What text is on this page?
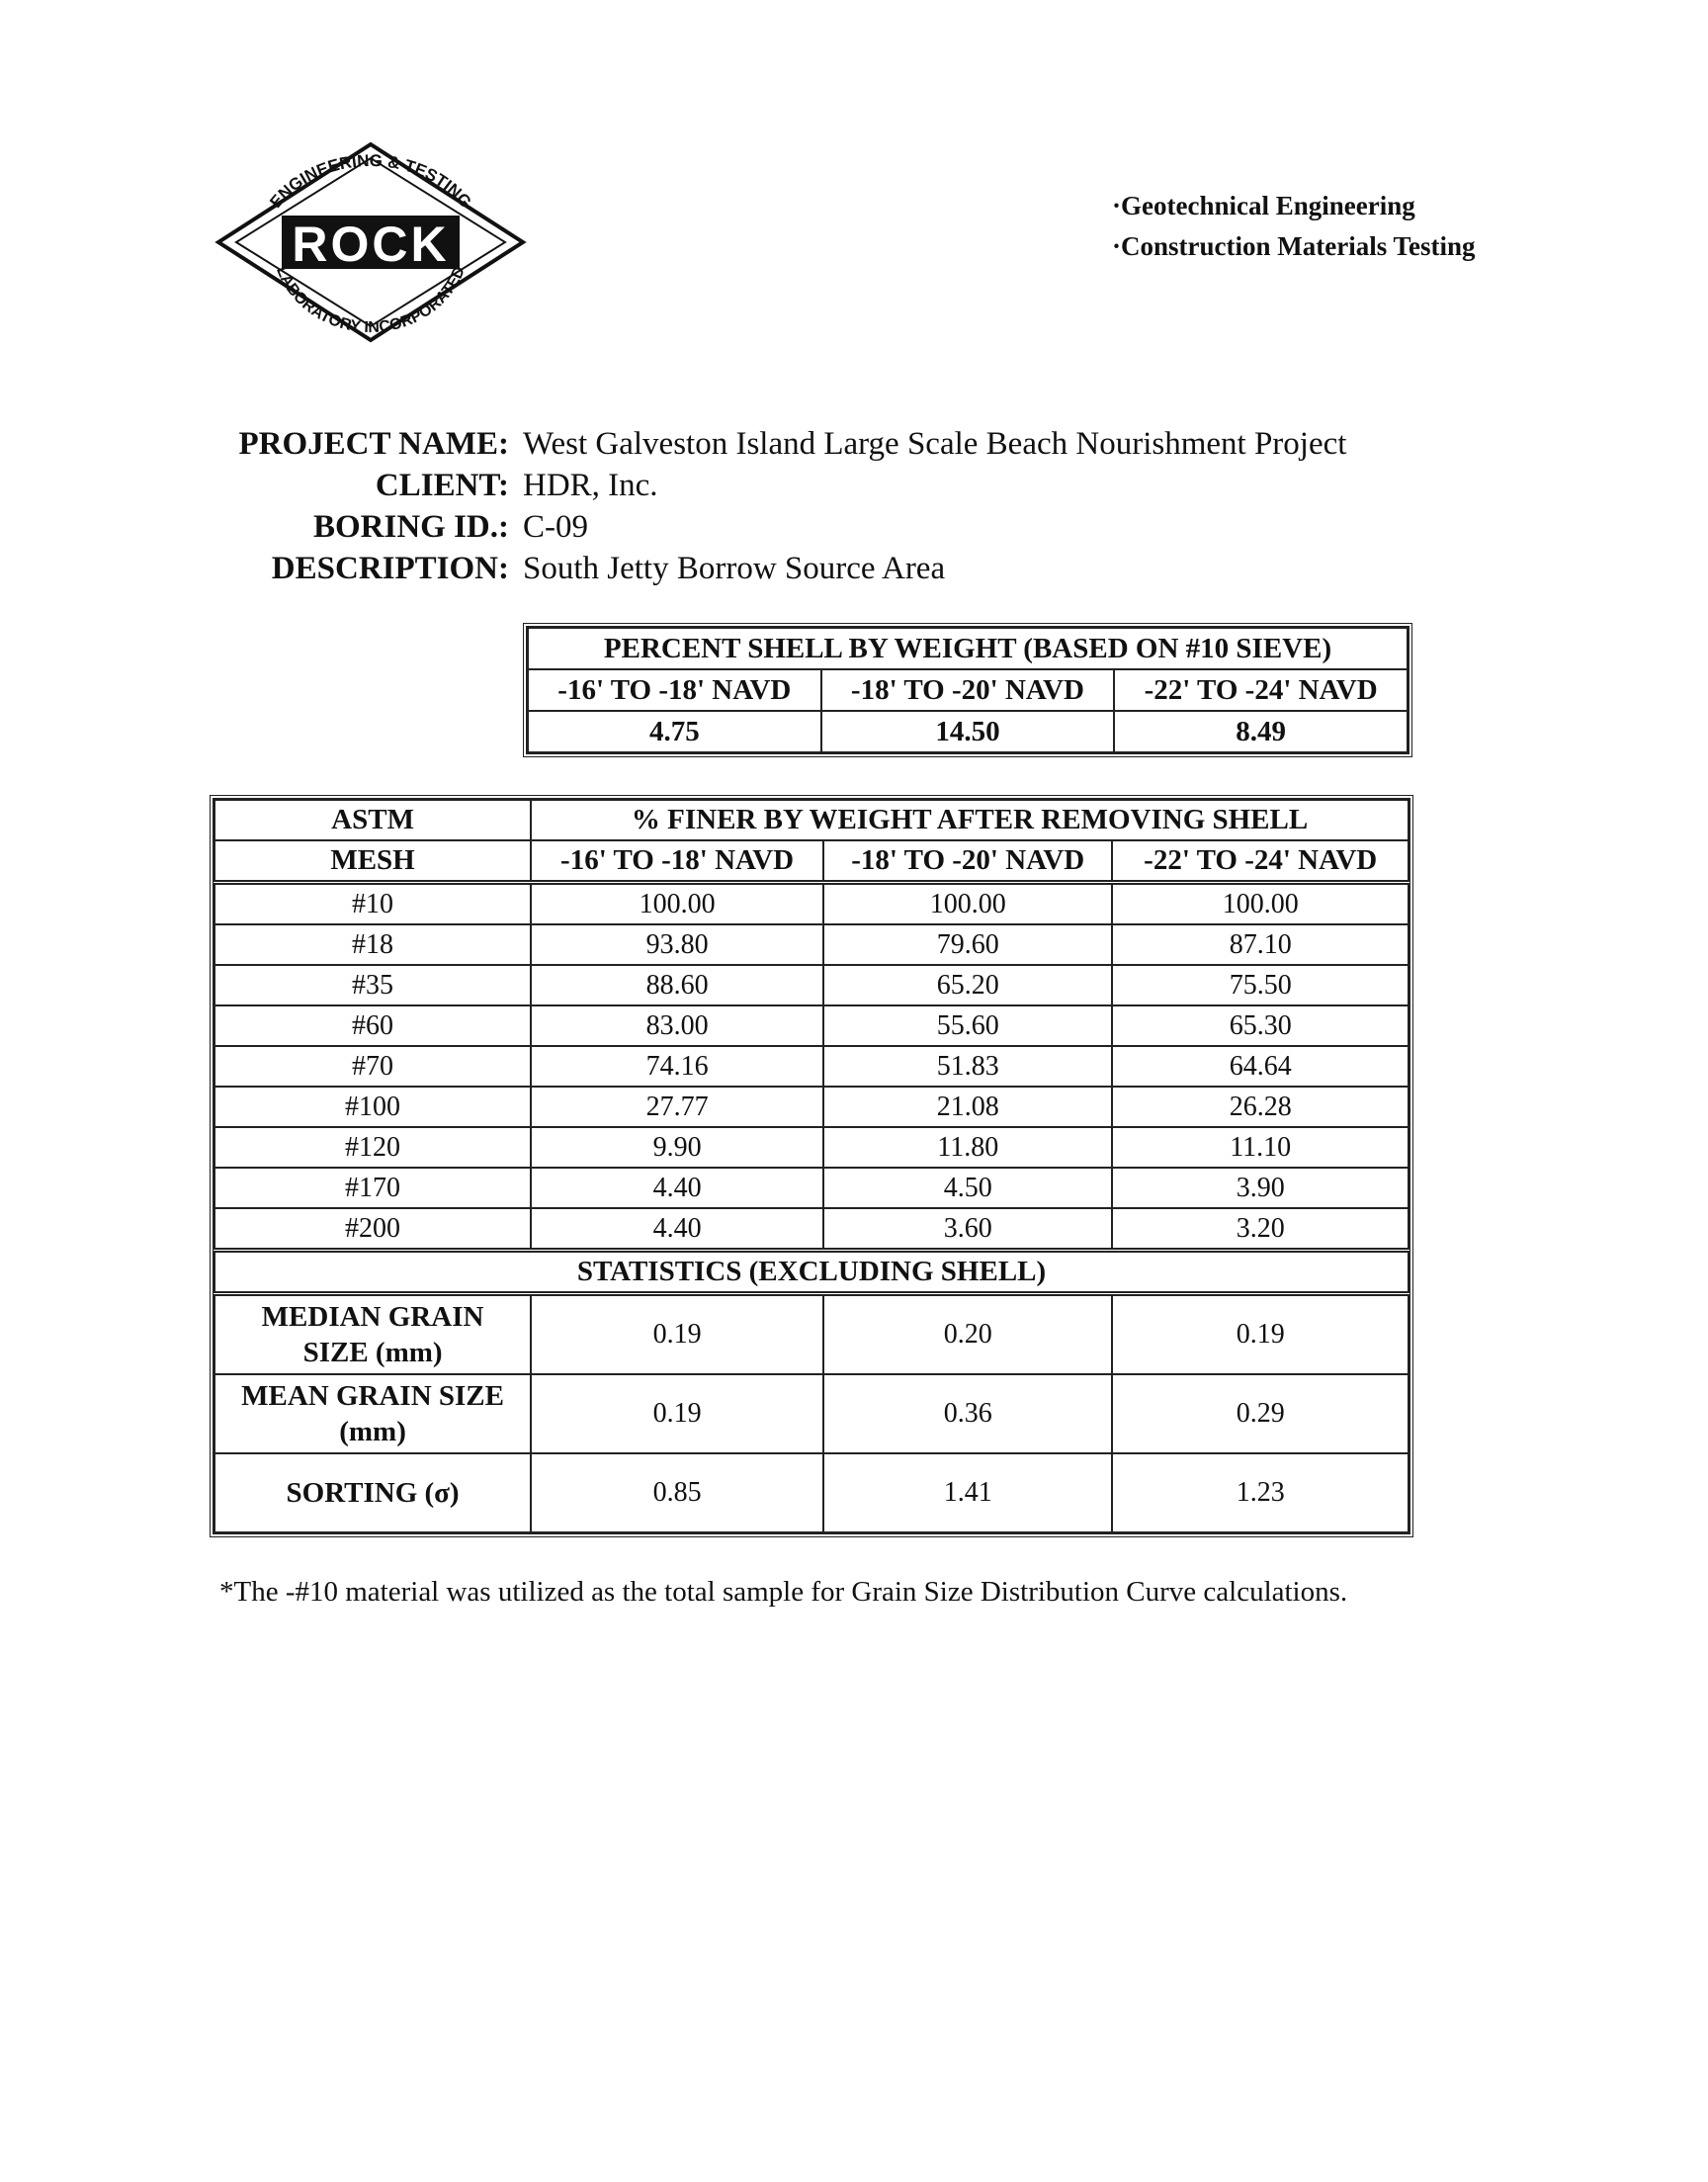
ENGINEERING & TESTING
ROCK
LABORATORY INCORPORATED
· Geotechnical Engineering
· Construction Materials Testing
PROJECT NAME: West Galveston Island Large Scale Beach Nourishment Project
CLIENT: HDR, Inc.
BORING ID.: C-09
DESCRIPTION: South Jetty Borrow Source Area
PERCENT SHELL BY WEIGHT (BASED ON #10 SIEVE)		
-16' TO -18' NAVD	-18' TO -20' NAVD	-22' TO -24' NAVD
4.75	14.50	8.49
ASTM	% FINER BY WEIGHT AFTER REMOVING SHELL		
MESH	-16' TO -18' NAVD	-18' TO -20' NAVD	-22' TO -24' NAVD
#10	100.00	100.00	100.00
#18	93.80	79.60	87.10
#35	88.60	65.20	75.50
#60	83.00	55.60	65.30
#70	74.16	51.83	64.64
#100	27.77	21.08	26.28
#120	9.90	11.80	11.10
#170	4.40	4.50	3.90
#200	4.40	3.60	3.20
STATISTICS (EXCLUDING SHELL)			
MEDIAN GRAIN
SIZE (mm)	0.19	0.20	0.19
MEAN GRAIN SIZE
(mm)	0.19	0.36	0.29
SORTING (σ)	0.85	1.41	1.23
*The -#10 material was utilized as the total sample for Grain Size Distribution Curve calculations.
